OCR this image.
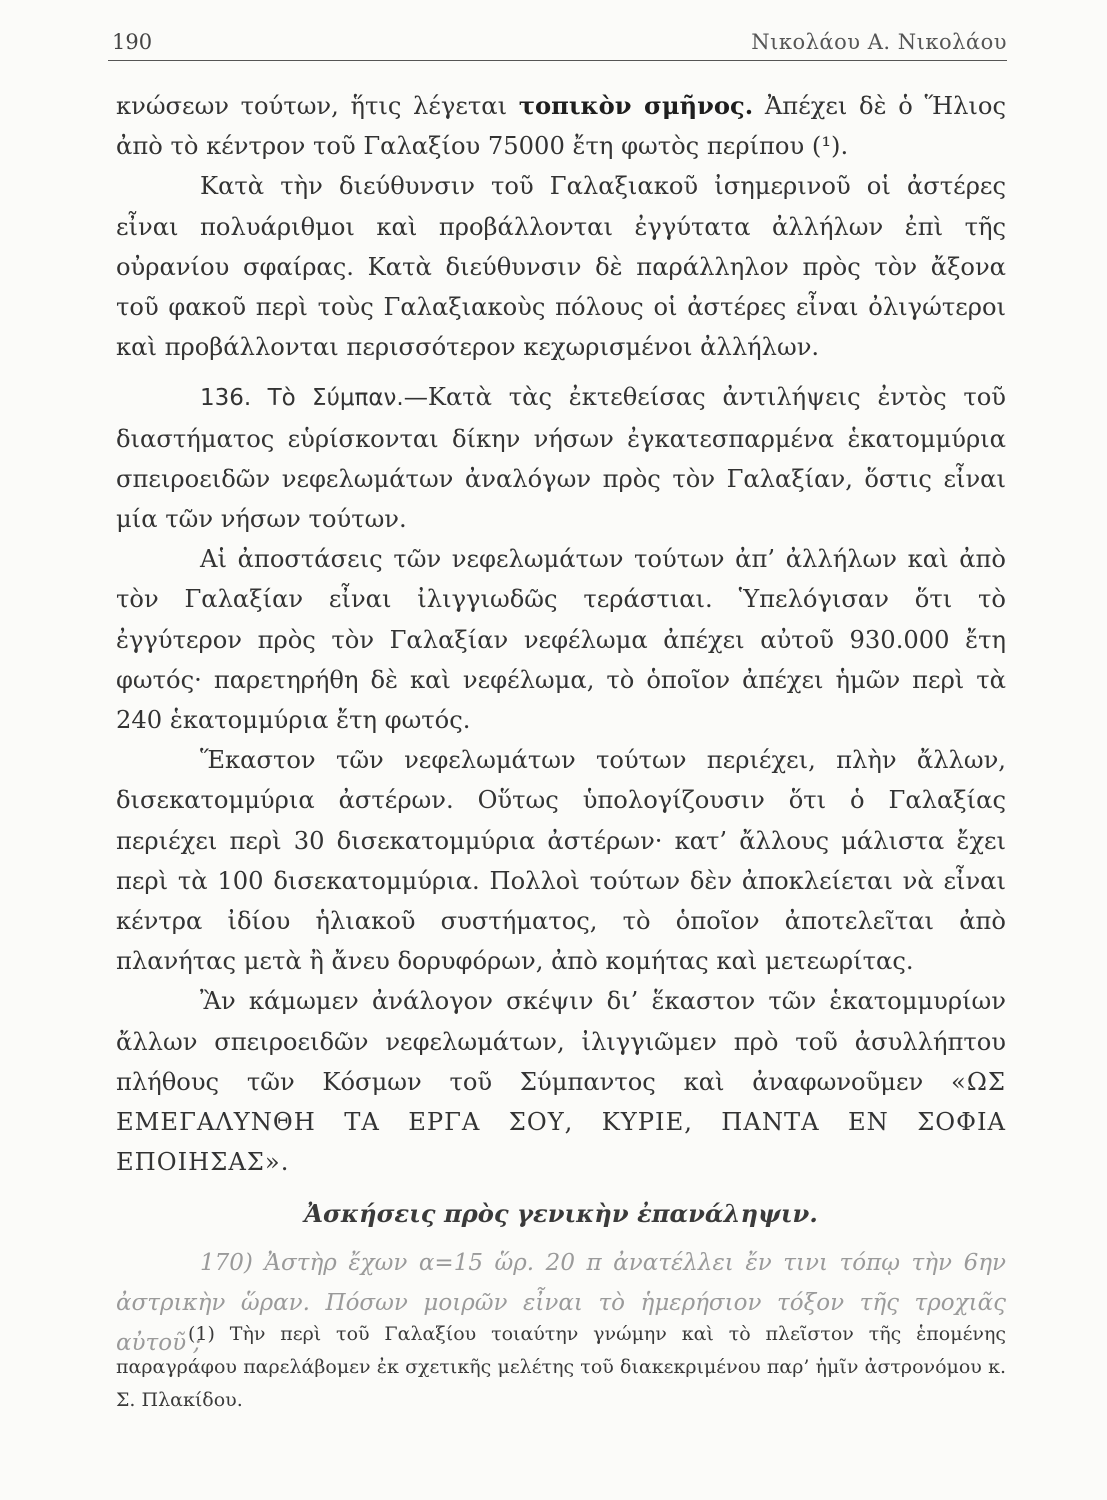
190	Νικολάου Α. Νικολάου

κνώσεων τούτων, ἥτις λέγεται τοπικὸν σμῆνος. Ἀπέχει δὲ ὁ Ἥλιος ἀπὸ τὸ κέντρον τοῦ Γαλαξίου 75000 ἔτη φωτὸς περίπου (¹).

Κατὰ τὴν διεύθυνσιν τοῦ Γαλαξιακοῦ ἰσημερινοῦ οἱ ἀστέρες εἶναι πολυάριθμοι καὶ προβάλλονται ἐγγύτατα ἀλλήλων ἐπὶ τῆς οὐρανίου σφαίρας. Κατὰ διεύθυνσιν δὲ παράλληλον πρὸς τὸν ἄξονα τοῦ φακοῦ περὶ τοὺς Γαλαξιακοὺς πόλους οἱ ἀστέρες εἶναι ὀλιγώτεροι καὶ προβάλλονται περισσότερον κεχωρισμένοι ἀλλήλων.

136. Τὸ Σύμπαν.—Κατὰ τὰς ἐκτεθείσας ἀντιλήψεις ἐντὸς τοῦ διαστήματος εὑρίσκονται δίκην νήσων ἐγκατεσπαρμένα ἑκατομμύρια σπειροειδῶν νεφελωμάτων ἀναλόγων πρὸς τὸν Γαλαξίαν, ὅστις εἶναι μία τῶν νήσων τούτων.

Αἱ ἀποστάσεις τῶν νεφελωμάτων τούτων ἀπ’ ἀλλήλων καὶ ἀπὸ τὸν Γαλαξίαν εἶναι ἰλιγγιωδῶς τεράστιαι. Ὑπελόγισαν ὅτι τὸ ἐγγύτερον πρὸς τὸν Γαλαξίαν νεφέλωμα ἀπέχει αὐτοῦ 930.000 ἔτη φωτός· παρετηρήθη δὲ καὶ νεφέλωμα, τὸ ὁποῖον ἀπέχει ἡμῶν περὶ τὰ 240 ἑκατομμύρια ἔτη φωτός.

Ἕκαστον τῶν νεφελωμάτων τούτων περιέχει, πλὴν ἄλλων, δισεκατομμύρια ἀστέρων. Οὕτως ὑπολογίζουσιν ὅτι ὁ Γαλαξίας περιέχει περὶ 30 δισεκατομμύρια ἀστέρων· κατ’ ἄλλους μάλιστα ἔχει περὶ τὰ 100 δισεκατομμύρια. Πολλοὶ τούτων δὲν ἀποκλείεται νὰ εἶναι κέντρα ἰδίου ἡλιακοῦ συστήματος, τὸ ὁποῖον ἀποτελεῖται ἀπὸ πλανήτας μετὰ ἢ ἄνευ δορυφόρων, ἀπὸ κομήτας καὶ μετεωρίτας.

Ἂν κάμωμεν ἀνάλογον σκέψιν δι’ ἕκαστον τῶν ἑκατομμυρίων ἄλλων σπειροειδῶν νεφελωμάτων, ἰλιγγιῶμεν πρὸ τοῦ ἀσυλλήπτου πλήθους τῶν Κόσμων τοῦ Σύμπαντος καὶ ἀναφωνοῦμεν «ΩΣ ΕΜΕΓΑΛΥΝΘΗ ΤΑ ΕΡΓΑ ΣΟΥ, ΚΥΡΙΕ, ΠΑΝΤΑ ΕΝ ΣΟΦΙΑ ΕΠΟΙΗΣΑΣ».

Ἀσκήσεις πρὸς γενικὴν ἐπανάληψιν.

170) Ἀστὴρ ἔχων α=15 ὥρ. 20 π ἀνατέλλει ἔν τινι τόπῳ τὴν 6ην ἀστρικὴν ὥραν. Πόσων μοιρῶν εἶναι τὸ ἡμερήσιον τόξον τῆς τροχιᾶς αὐτοῦ ;

(1) Τὴν περὶ τοῦ Γαλαξίου τοιαύτην γνώμην καὶ τὸ πλεῖστον τῆς ἑπομένης παραγράφου παρελάβομεν ἐκ σχετικῆς μελέτης τοῦ διακεκριμένου παρ’ ἡμῖν ἀστρονόμου κ. Σ. Πλακίδου.
